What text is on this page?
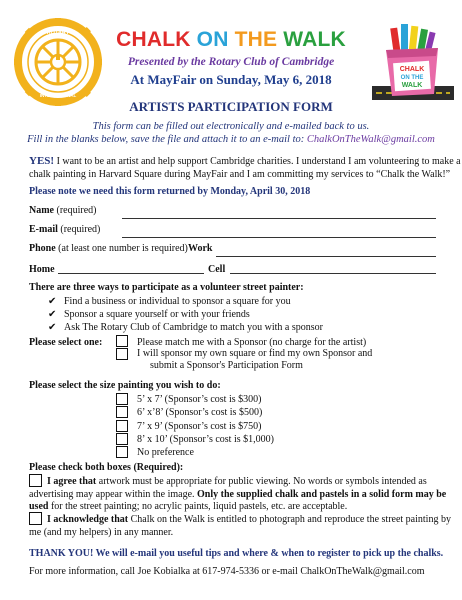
ROTARY
INTERNATIONAL
CHALK
ON THE
WALK
CHALK ON THE WALK
Presented by the Rotary Club of Cambridge
At MayFair on Sunday, May 6, 2018
ARTISTS PARTICIPATION FORM
This form can be filled out electronically and e-mailed back to us.
Fill in the blanks below, save the file and attach it to an e-mail to: ChalkOnTheWalk@gmail.com
YES! I want to be an artist and help support Cambridge charities. I understand I am volunteering to make a
chalk painting in Harvard Square during MayFair and I am committing my services to “Chalk the Walk!”
Please note we need this form returned by Monday, April 30, 2018
Name (required)
E-mail (required)
Phone (at least one number is required) Work
Home	Cell
There are three ways to participate as a volunteer street painter:
✔ Find a business or individual to sponsor a square for you
✔ Sponsor a square yourself or with your friends
✔ Ask The Rotary Club of Cambridge to match you with a sponsor
Please select one:	Please match me with a Sponsor (no charge for the artist)
I will sponsor my own square or find my own Sponsor and
submit a Sponsor's Participation Form
Please select the size painting you wish to do:
5’ x 7’ (Sponsor’s cost is $300)
6’ x’8’ (Sponsor’s cost is $500)
7’ x 9’ (Sponsor’s cost is $750)
8’ x 10’ (Sponsor’s cost is $1,000)
No preference
Please check both boxes (Required):
I agree that artwork must be appropriate for public viewing. No words or symbols intended as
advertising may appear within the image. Only the supplied chalk and pastels in a solid form may be
used for the street painting; no acrylic paints, liquid pastels, etc. are acceptable.
I acknowledge that Chalk on the Walk is entitled to photograph and reproduce the street painting by
me (and my helpers) in any manner.
THANK YOU! We will e-mail you useful tips and where & when to register to pick up the chalks.
For more information, call Joe Kobialka at 617-974-5336 or e-mail ChalkOnTheWalk@gmail.com
